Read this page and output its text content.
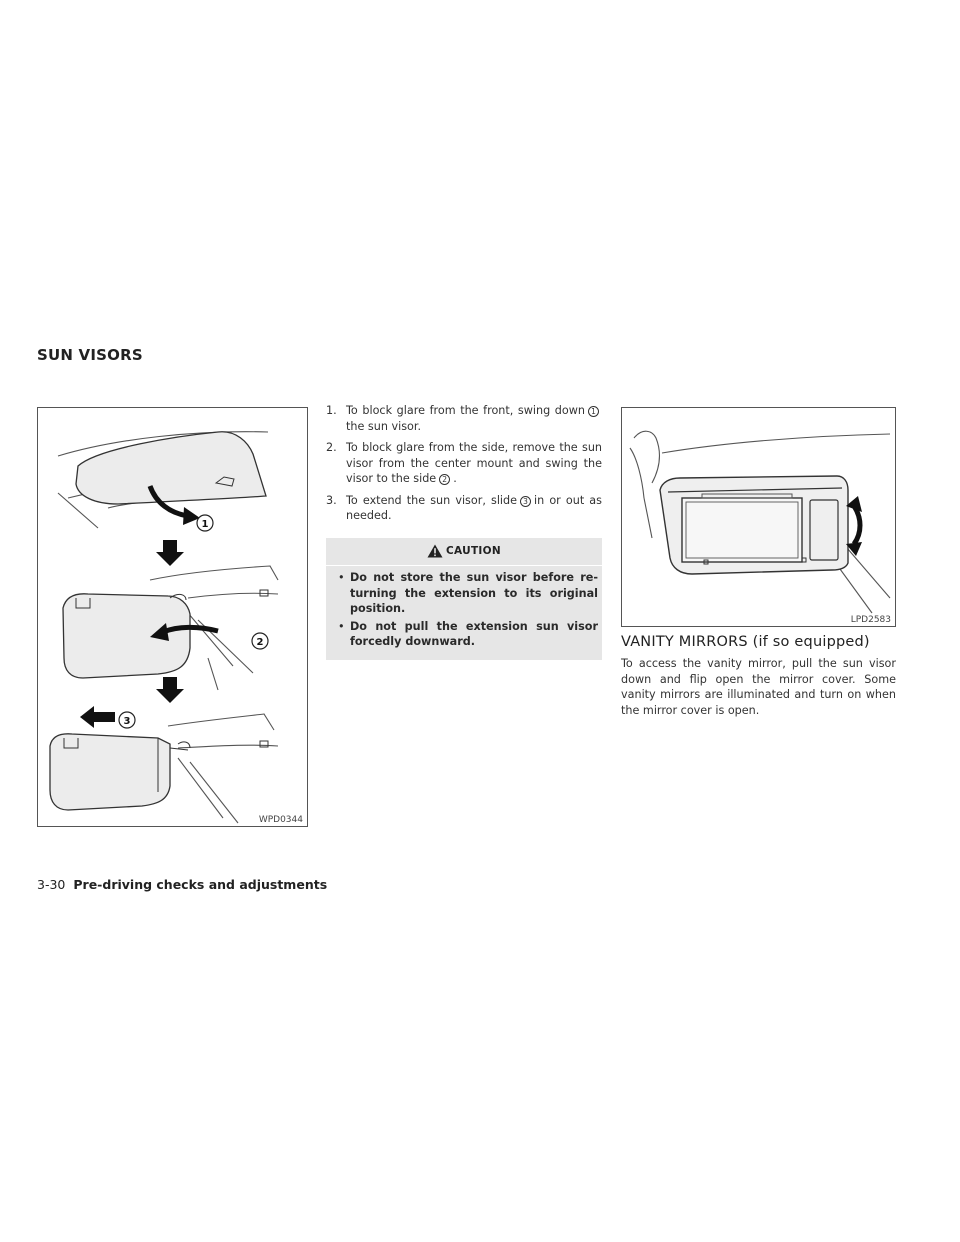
SUN VISORS
1
2
3
WPD0344
1. To block glare from the front, swing down 1the sun visor.
2. To block glare from the side, remove the sun visor from the center mount and swing the visor to the side 2 .
3. To extend the sun visor, slide 3 in or out as needed.
CAUTION
• Do not store the sun visor before re-turning the extension to its original position.
• Do not pull the extension sun visor forcedly downward.
LPD2583
VANITY MIRRORS (if so equipped)

To access the vanity mirror, pull the sun visor down and flip open the mirror cover. Some vanity mirrors are illuminated and turn on when the mirror cover is open.

3-30 Pre-driving checks and adjustments
